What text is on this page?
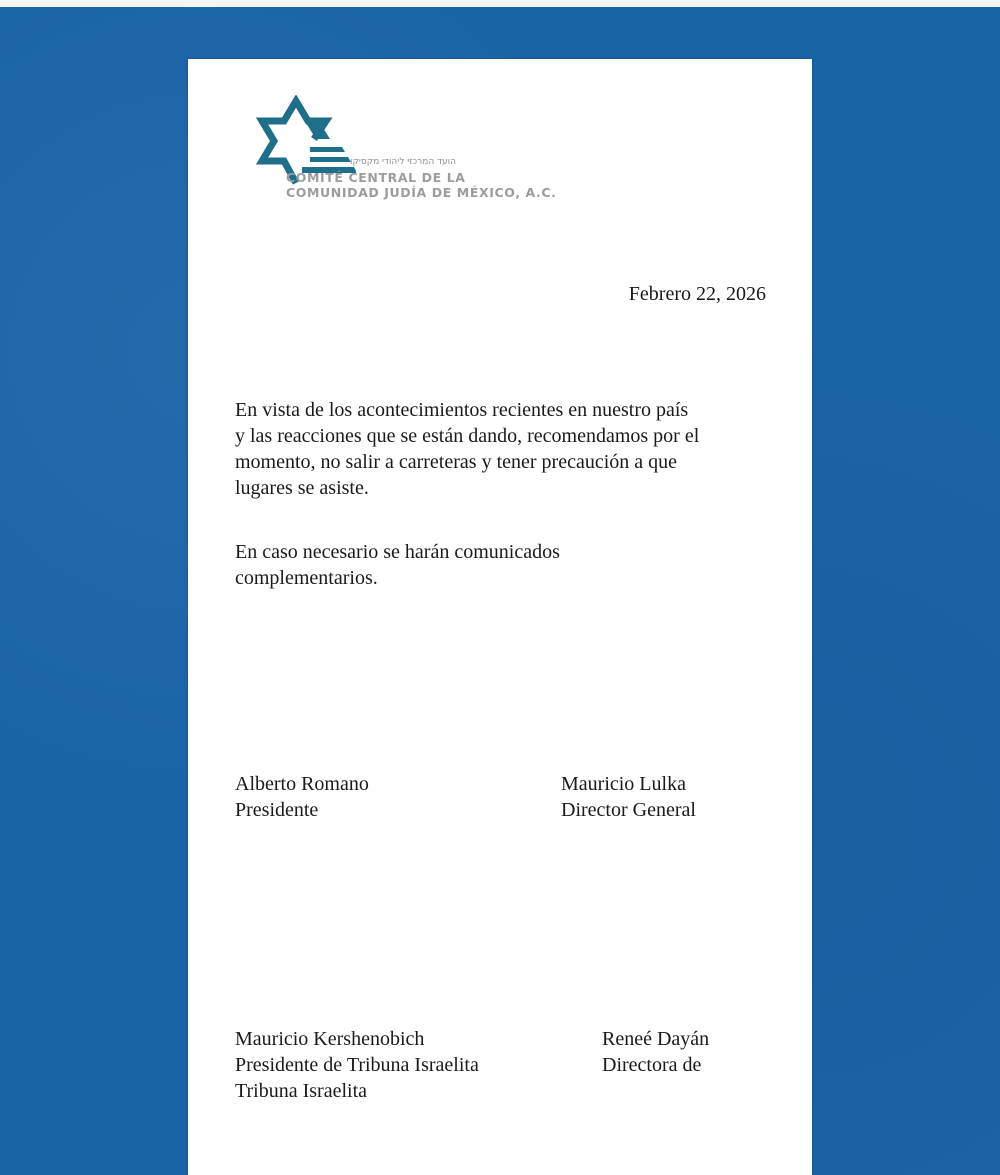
הועד המרכזי ליהודי מקסיקו
COMITÉ CENTRAL DE LA
COMUNIDAD JUDÍA DE MÉXICO, A.C.
Febrero 22, 2026
En vista de los acontecimientos recientes en nuestro país
y las reacciones que se están dando, recomendamos por el
momento, no salir a carreteras y tener precaución a que
lugares se asiste.
En caso necesario se harán comunicados
complementarios.
Alberto Romano
Presidente
Mauricio Lulka
Director General
Mauricio Kershenobich
Presidente de Tribuna Israelita
Tribuna Israelita
Reneé Dayán
Directora de
